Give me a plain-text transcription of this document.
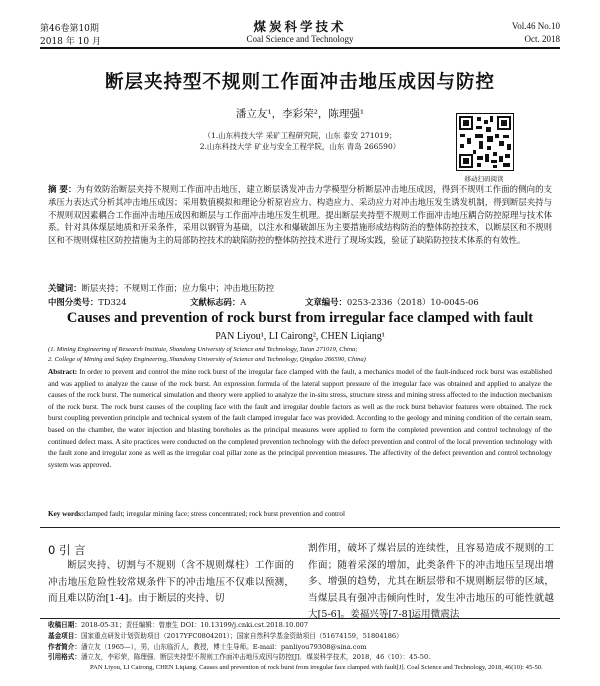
第46卷第10期
2018 年 10 月
煤炭科学技术
Coal Science and Technology
Vol.46 No.10
Oct. 2018
断层夹持型不规则工作面冲击地压成因与防控
潘立友¹，李彩荣²，陈理强¹
（1.山东科技大学 采矿工程研究院，山东 泰安 271019；
2.山东科技大学 矿业与安全工程学院，山东 青岛 266590）
移动扫码阅读
摘 要：为有效防治断层夹持不规则工作面冲击地压，建立断层诱发冲击力学模型分析断层冲击地压成因，得到不规则工作面的侧向的支承压力表达式分析其冲击地压成因；采用数值模拟和理论分析原岩应力、构造应力、采动应力对冲击地压发生诱发机制，得到断层夹持与不规则双因素耦合工作面冲击地压成因和断层与工作面冲击地压发生机理。提出断层夹持型不规则工作面冲击地压耦合防控原理与技术体系。针对具体煤层地质和开采条件，采用以钢管为基础，以注水和爆破卸压为主要措施形成结构防治的整体防控技术，以断层区和不规则区和不规则煤柱区防控措施为主的局部防控技术的缺陷防控的整体防控技术进行了现场实践，验证了缺陷防控技术体系的有效性。
关键词：断层夹持；不规则工作面；应力集中；冲击地压防控
中图分类号：TD324	文献标志码：A	文章编号：0253-2336（2018）10-0045-06
Causes and prevention of rock burst from irregular face clamped with fault
PAN Liyou¹, LI Cairong², CHEN Liqiang¹
(1. Mining Engineering of Research Institute, Shandong University of Science and Technology, Taian 271019, China;
2. College of Mining and Safety Engineering, Shandong University of Science and Technology, Qingdao 266590, China)
Abstract: In order to prevent and control the mine rock burst of the irregular face clamped with the fault, a mechanics model of the fault-induced rock burst was established and was applied to analyze the cause of the rock burst. An expression formula of the lateral support pressure of the irregular face was obtained and applied to analyze the causes of the rock burst. The numerical simulation and theory were applied to analyze the in-situ stress, structure stress and mining stress affected to the induction mechanism of the rock burst. The rock burst causes of the coupling face with the fault and irregular double factors as well as the rock burst behavior features were obtained. The rock burst coupling prevention principle and technical system of the fault clamped irregular face was provided. According to the geology and mining condition of the certain seam, based on the chamber, the water injection and blasting boreholes as the principal measures were applied to form the completed prevention and control technology of the continued defect mass. A site practices were conducted on the completed prevention technology with the defect prevention and control of the local prevention technology with the fault zone and irregular zone as well as the irregular coal pillar zone as the principal prevention measures. The affectivity of the defect prevention and control technology system was approved.
Key words:clamped fault; irregular mining face; stress concentrated; rock burst prevention and control
0 引 言
断层夹持、切割与不规则（含不规则煤柱）工作面的冲击地压危险性较常规条件下的冲击地压不仅难以预测，而且难以防治[1-4]。由于断层的夹持、切
割作用，破坏了煤岩层的连续性，且容易造成不规则的工作面；随着采深的增加，此类条件下的冲击地压呈现出增多、增强的趋势，尤其在断层带和不规则断层带的区域，当煤层具有强冲击倾向性时，发生冲击地压的可能性就越大[5-6]。姜福兴等[7-8]运用微震法
收稿日期：2018-05-31；责任编辑：曾康生 DOI：10.13199/j.cnki.cst.2018.10.007
基金项目：国家重点研发计划资助项目（2017YFC0804201）；国家自然科学基金资助项目（51674159，51804186）
作者简介：潘立友（1965—），男，山东临沂人，教授，博士生导师。E-mail：panliyou79308@sina.com
引用格式：潘立友，李彩荣，陈理强．断层夹持型不规则工作面冲击地压成因与防控[J]．煤炭科学技术，2018，46（10）：45-50.
PAN Liyou, LI Cairong, CHEN Liqiang. Causes and prevention of rock burst from irregular face clamped with fault[J]. Coal Science and Technology, 2018, 46(10): 45-50.
